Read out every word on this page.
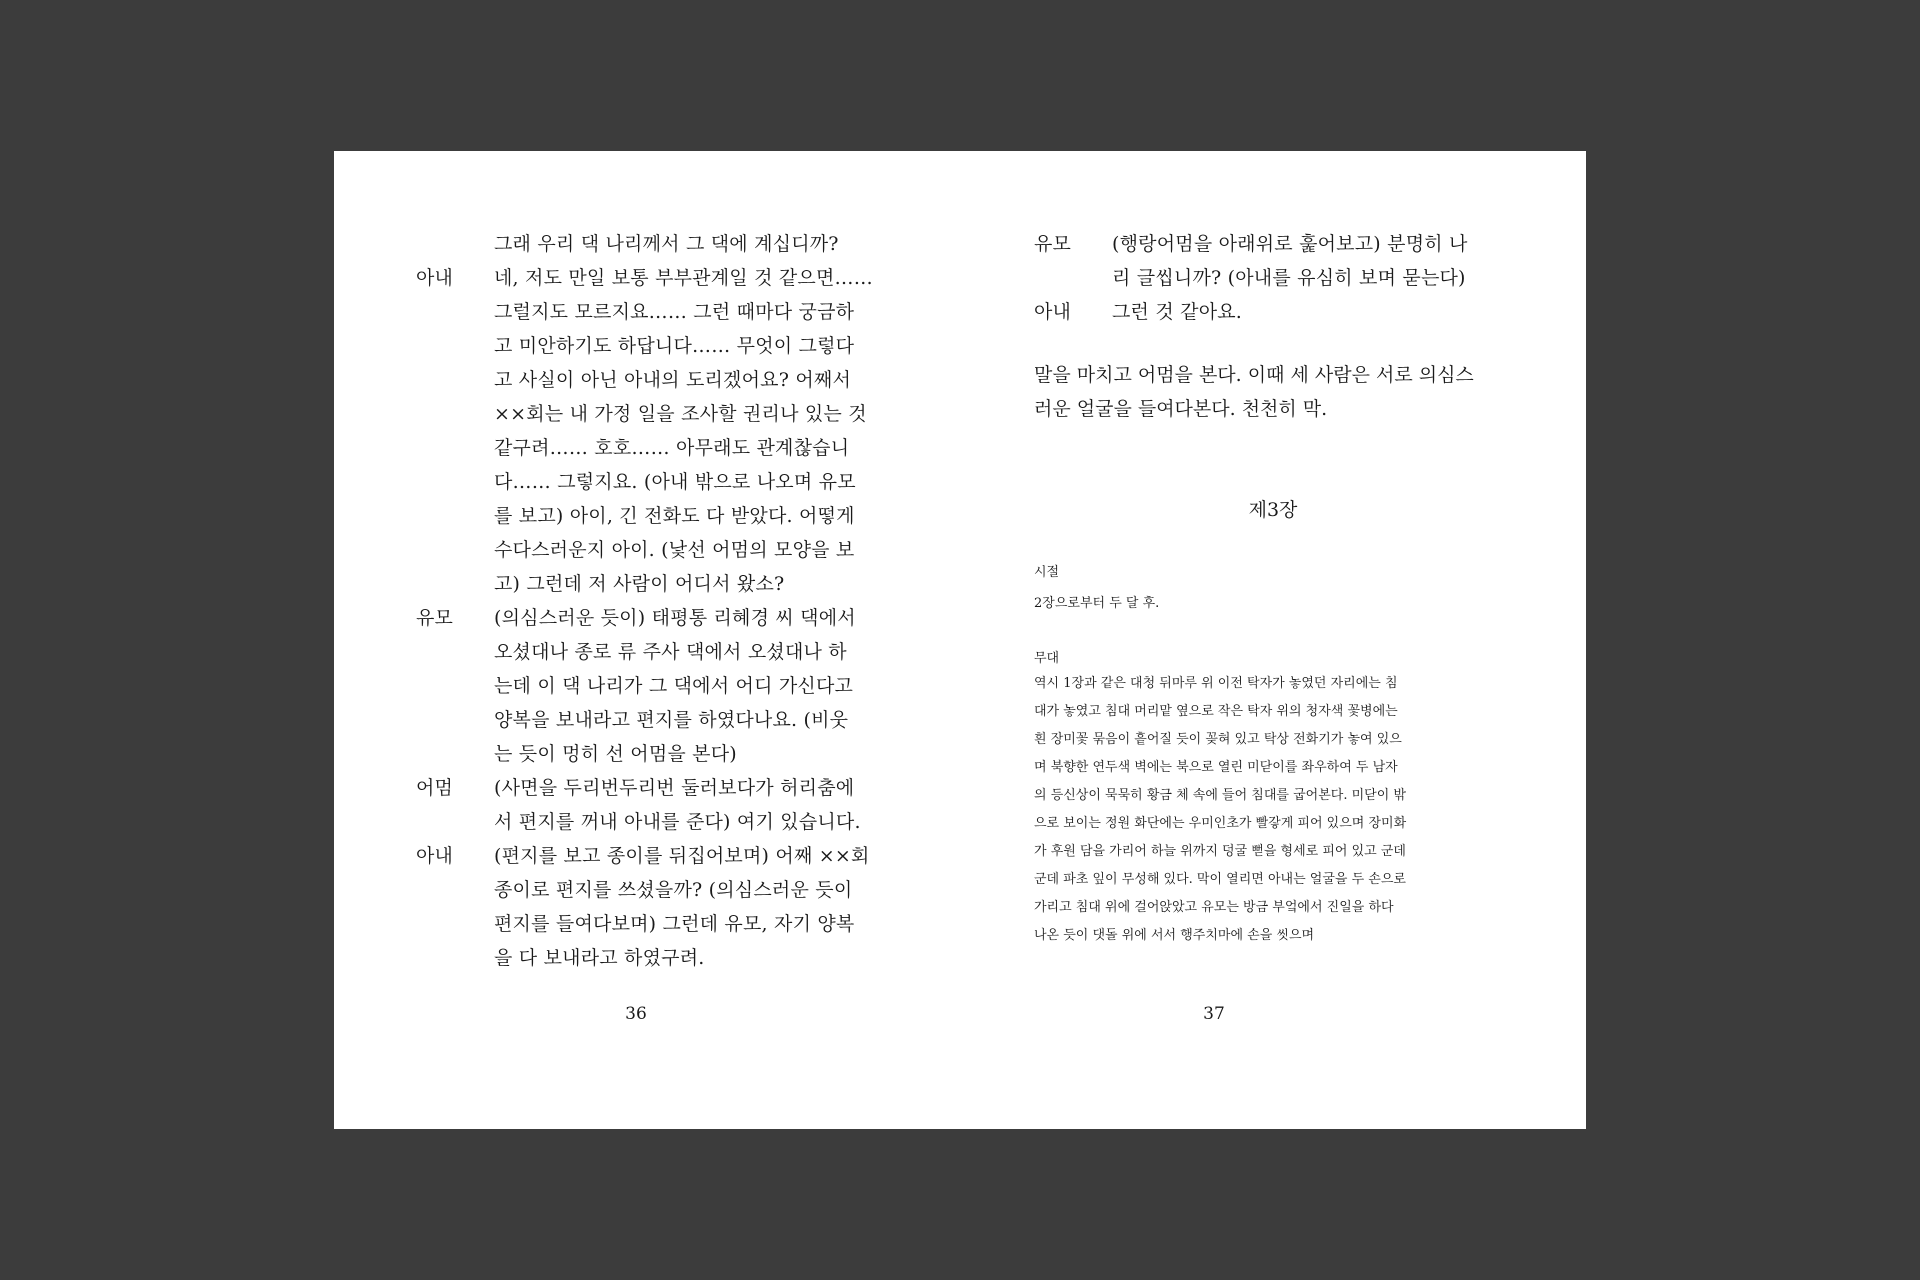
그래 우리 댁 나리께서 그 댁에 계십디까?
아내	네, 저도 만일 보통 부부관계일 것 같으면……
그럴지도 모르지요…… 그런 때마다 궁금하
고 미안하기도 하답니다…… 무엇이 그렇다
고 사실이 아닌 아내의 도리겠어요? 어째서
××회는 내 가정 일을 조사할 권리나 있는 것
같구려…… 호호…… 아무래도 관계찮습니
다…… 그렇지요. (아내 밖으로 나오며 유모
를 보고) 아이, 긴 전화도 다 받았다. 어떻게
수다스러운지 아이. (낯선 어멈의 모양을 보
고) 그런데 저 사람이 어디서 왔소?
유모	(의심스러운 듯이) 태평통 리혜경 씨 댁에서
오셨대나 종로 류 주사 댁에서 오셨대나 하
는데 이 댁 나리가 그 댁에서 어디 가신다고
양복을 보내라고 편지를 하였다나요. (비웃
는 듯이 멍히 선 어멈을 본다)
어멈	(사면을 두리번두리번 둘러보다가 허리춤에
서 편지를 꺼내 아내를 준다) 여기 있습니다.
아내	(편지를 보고 종이를 뒤집어보며) 어째 ××회
종이로 편지를 쓰셨을까? (의심스러운 듯이
편지를 들여다보며) 그런데 유모, 자기 양복
을 다 보내라고 하였구려.
36
유모	(행랑어멈을 아래위로 훑어보고) 분명히 나
리 글씹니까? (아내를 유심히 보며 묻는다)
아내	그런 것 같아요.
말을 마치고 어멈을 본다. 이때 세 사람은 서로 의심스
러운 얼굴을 들여다본다. 천천히 막.
제3장
시절
2장으로부터 두 달 후.
무대
역시 1장과 같은 대청 뒤마루 위 이전 탁자가 놓였던 자리에는 침
대가 놓였고 침대 머리맡 옆으로 작은 탁자 위의 청자색 꽃병에는
흰 장미꽃 묶음이 흩어질 듯이 꽂혀 있고 탁상 전화기가 놓여 있으
며 북향한 연두색 벽에는 북으로 열린 미닫이를 좌우하여 두 남자
의 등신상이 묵묵히 황금 체 속에 들어 침대를 굽어본다. 미닫이 밖
으로 보이는 정원 화단에는 우미인초가 빨갛게 피어 있으며 장미화
가 후원 담을 가리어 하늘 위까지 덩굴 뻗을 형세로 피어 있고 군데
군데 파초 잎이 무성해 있다. 막이 열리면 아내는 얼굴을 두 손으로
가리고 침대 위에 걸어앉았고 유모는 방금 부엌에서 진일을 하다
나온 듯이 댓돌 위에 서서 행주치마에 손을 씻으며
37
